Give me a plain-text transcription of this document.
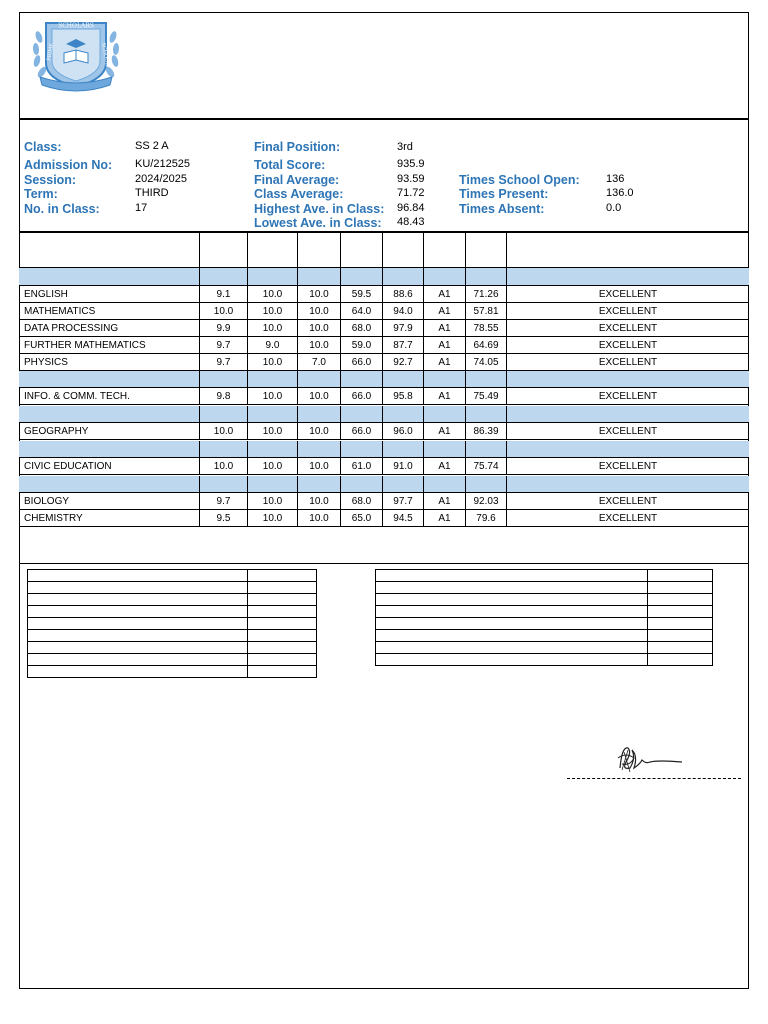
SCHOLARS
PRIME	SCHOOL
Class:	SS 2 A
Admission No: KU/212525
Session:	2024/2025
Term:	THIRD
No. in Class:	17
Final Position:	3rd
Total Score:	935.9
Final Average:	93.59
Class Average:	71.72
Highest Ave. in Class: 96.84
Lowest Ave. in Class: 48.43
Times School Open: 136
Times Present:	136.0
Times Absent:	0.0
ENGLISH	9.1	10.0	10.0	59.5	88.6	A1	71.26	EXCELLENT
MATHEMATICS	10.0	10.0	10.0	64.0	94.0	A1	57.81	EXCELLENT
DATA PROCESSING	9.9	10.0	10.0	68.0	97.9	A1	78.55	EXCELLENT
FURTHER MATHEMATICS	9.7	9.0	10.0	59.0	87.7	A1	64.69	EXCELLENT
PHYSICS	9.7	10.0	7.0	66.0	92.7	A1	74.05	EXCELLENT
INFO. & COMM. TECH.	9.8	10.0	10.0	66.0	95.8	A1	75.49	EXCELLENT
GEOGRAPHY	10.0	10.0	10.0	66.0	96.0	A1	86.39	EXCELLENT
CIVIC EDUCATION	10.0	10.0	10.0	61.0	91.0	A1	75.74	EXCELLENT
BIOLOGY	9.7	10.0	10.0	68.0	97.7	A1	92.03	EXCELLENT
CHEMISTRY	9.5	10.0	10.0	65.0	94.5	A1	79.6	EXCELLENT
